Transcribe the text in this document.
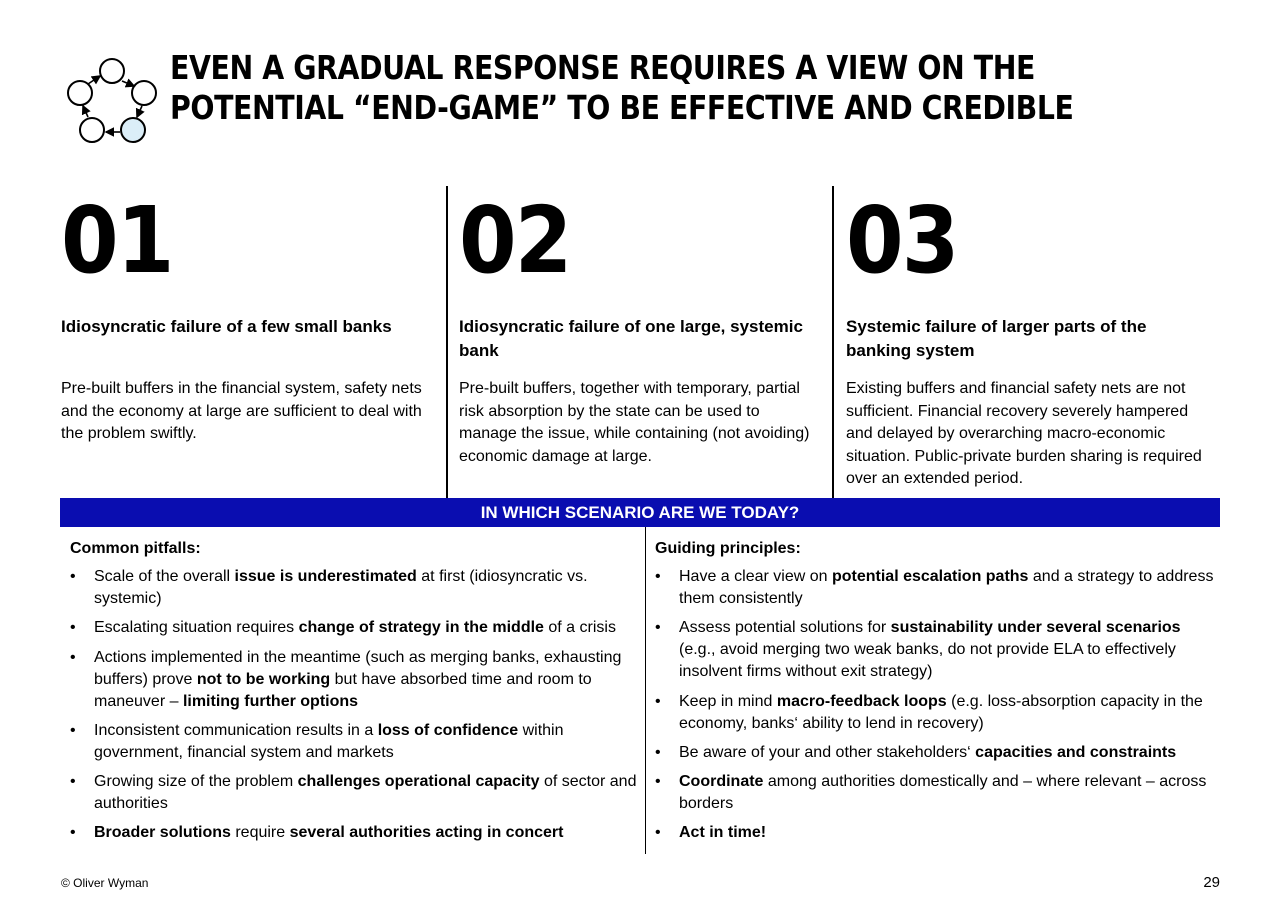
EVEN A GRADUAL RESPONSE REQUIRES A VIEW ON THE POTENTIAL “END-GAME” TO BE EFFECTIVE AND CREDIBLE
01
Idiosyncratic failure of a few small banks
Pre-built buffers in the financial system, safety nets and the economy at large are sufficient to deal with the problem swiftly.
02
Idiosyncratic failure of one large, systemic bank
Pre-built buffers, together with temporary, partial risk absorption by the state can be used to manage the issue, while containing (not avoiding) economic damage at large.
03
Systemic failure of larger parts of the banking system
Existing buffers and financial safety nets are not sufficient. Financial recovery severely hampered and delayed by overarching macro-economic situation. Public-private burden sharing is required over an extended period.
IN WHICH SCENARIO ARE WE TODAY?
Common pitfalls:
• Scale of the overall issue is underestimated at first (idiosyncratic vs. systemic)
• Escalating situation requires change of strategy in the middle of a crisis
• Actions implemented in the meantime (such as merging banks, exhausting buffers) prove not to be working but have absorbed time and room to maneuver – limiting further options
• Inconsistent communication results in a loss of confidence within government, financial system and markets
• Growing size of the problem challenges operational capacity of sector and authorities
• Broader solutions require several authorities acting in concert
Guiding principles:
• Have a clear view on potential escalation paths and a strategy to address them consistently
• Assess potential solutions for sustainability under several scenarios (e.g., avoid merging two weak banks, do not provide ELA to effectively insolvent firms without exit strategy)
• Keep in mind macro-feedback loops (e.g. loss-absorption capacity in the economy, banks‘ ability to lend in recovery)
• Be aware of your and other stakeholders‘ capacities and constraints
• Coordinate among authorities domestically and – where relevant – across borders
• Act in time!
© Oliver Wyman	29
